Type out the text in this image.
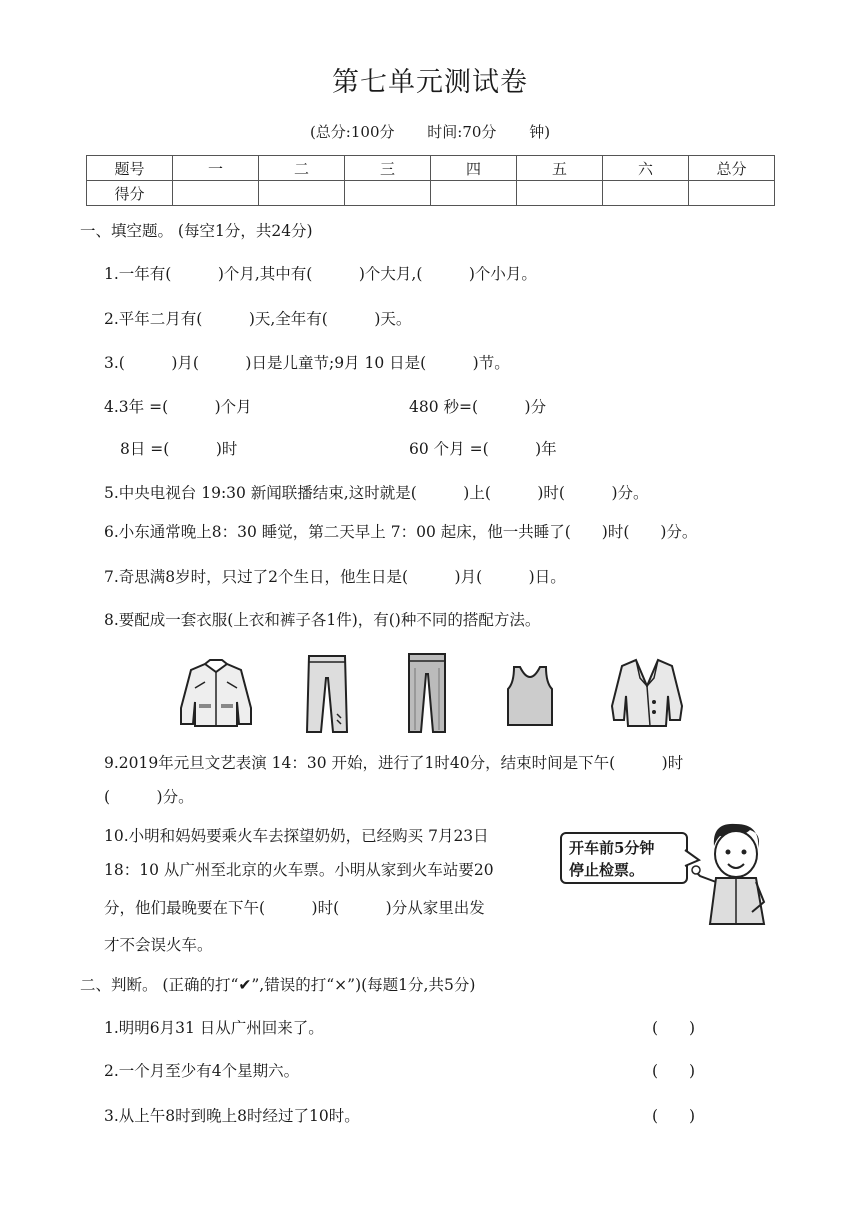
第七单元测试卷
(总分:100分 时间:70分 钟)
题号	一	二	三	四	五	六	总分
得分							
一、填空题。 (每空1分，共24分)
1.一年有(　　　)个月,其中有(　　　)个大月,(　　　)个小月。
2.平年二月有(　　　)天,全年有(　　　)天。
3.(　　　)月(　　　)日是儿童节;9月 10 日是(　　　)节。
4.3年 =(　　　)个月	480 秒=(　　　)分
8日 =(　　　)时	60 个月 =(　　　)年
5.中央电视台 19:30 新闻联播结束,这时就是(　　　)上(　　　)时(　　　)分。
6.小东通常晚上8：30 睡觉，第二天早上 7：00 起床，他一共睡了(　　)时(　　)分。
7.奇思满8岁时，只过了2个生日，他生日是(　　　)月(　　　)日。
8.要配成一套衣服(上衣和裤子各1件)，有()种不同的搭配方法。
9.2019年元旦文艺表演 14：30 开始，进行了1时40分，结束时间是下午(　　　)时
(　　　)分。
10.小明和妈妈要乘火车去探望奶奶，已经购买 7月23日
18：10 从广州至北京的火车票。小明从家到火车站要20
分，他们最晚要在下午(　　　)时(　　　)分从家里出发
才不会误火车。
开车前5分钟
停止检票。
二、判断。 (正确的打“✔”,错误的打“×”)(每题1分,共5分)
1.明明6月31 日从广州回来了。	(　　)
2.一个月至少有4个星期六。	(　　)
3.从上午8时到晚上8时经过了10时。	(　　)
